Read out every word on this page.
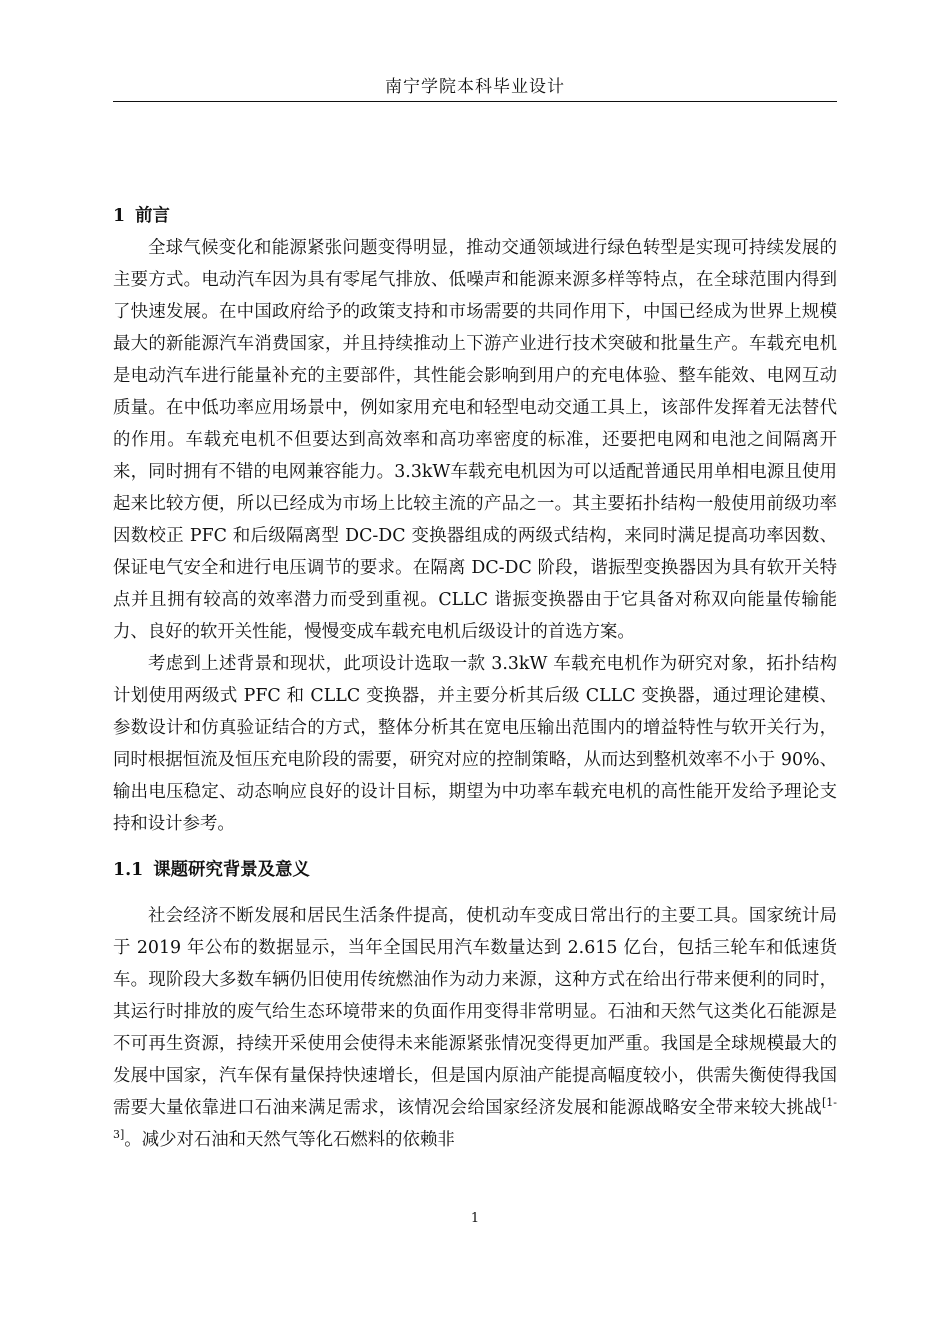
南宁学院本科毕业设计
1 前言

全球气候变化和能源紧张问题变得明显，推动交通领域进行绿色转型是实现可持续发展的主要方式。电动汽车因为具有零尾气排放、低噪声和能源来源多样等特点，在全球范围内得到了快速发展。在中国政府给予的政策支持和市场需要的共同作用下，中国已经成为世界上规模最大的新能源汽车消费国家，并且持续推动上下游产业进行技术突破和批量生产。车载充电机是电动汽车进行能量补充的主要部件，其性能会影响到用户的充电体验、整车能效、电网互动质量。在中低功率应用场景中，例如家用充电和轻型电动交通工具上，该部件发挥着无法替代的作用。车载充电机不但要达到高效率和高功率密度的标准，还要把电网和电池之间隔离开来，同时拥有不错的电网兼容能力。3.3kW车载充电机因为可以适配普通民用单相电源且使用起来比较方便，所以已经成为市场上比较主流的产品之一。其主要拓扑结构一般使用前级功率因数校正 PFC 和后级隔离型 DC-DC 变换器组成的两级式结构，来同时满足提高功率因数、保证电气安全和进行电压调节的要求。在隔离 DC-DC 阶段，谐振型变换器因为具有软开关特点并且拥有较高的效率潜力而受到重视。CLLC 谐振变换器由于它具备对称双向能量传输能力、良好的软开关性能，慢慢变成车载充电机后级设计的首选方案。

考虑到上述背景和现状，此项设计选取一款 3.3kW 车载充电机作为研究对象，拓扑结构计划使用两级式 PFC 和 CLLC 变换器，并主要分析其后级 CLLC 变换器，通过理论建模、参数设计和仿真验证结合的方式，整体分析其在宽电压输出范围内的增益特性与软开关行为，同时根据恒流及恒压充电阶段的需要，研究对应的控制策略，从而达到整机效率不小于 90%、输出电压稳定、动态响应良好的设计目标，期望为中功率车载充电机的高性能开发给予理论支持和设计参考。

1.1 课题研究背景及意义

社会经济不断发展和居民生活条件提高，使机动车变成日常出行的主要工具。国家统计局于 2019 年公布的数据显示，当年全国民用汽车数量达到 2.615 亿台，包括三轮车和低速货车。现阶段大多数车辆仍旧使用传统燃油作为动力来源，这种方式在给出行带来便利的同时，其运行时排放的废气给生态环境带来的负面作用变得非常明显。石油和天然气这类化石能源是不可再生资源，持续开采使用会使得未来能源紧张情况变得更加严重。我国是全球规模最大的发展中国家，汽车保有量保持快速增长，但是国内原油产能提高幅度较小，供需失衡使得我国需要大量依靠进口石油来满足需求，该情况会给国家经济发展和能源战略安全带来较大挑战[1-3]。减少对石油和天然气等化石燃料的依赖非

1
